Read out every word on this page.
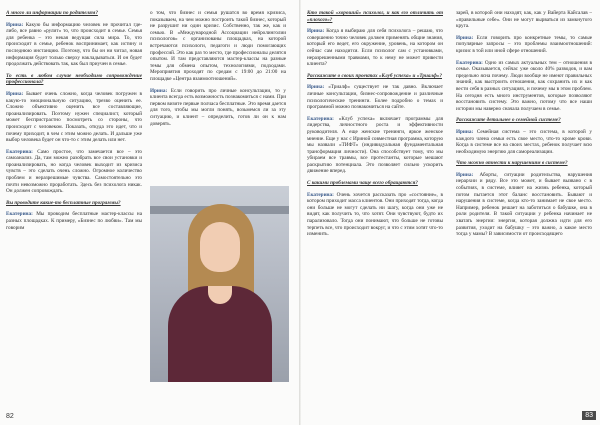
А много ли информации по родителям?

Ирина: Какую бы информацию человек не прочитал где-либо, все равно «рулит» то, что происходит в семье. Семья для ребенка – это некая ведущая сила мира. То, что происходит в семье, ребенок воспринимает, как истину и последнюю инстанцию. Поэтому, что бы он ни читал, новая информация будет только сверху накладываться. И он будет продолжать действовать так, как был приучен в семье.

То есть в любом случае необходимо сопровождение профессионала?

Ирина: Бывает очень сложно, когда человек погружен в какую-то эмоциональную ситуацию, трезво оценить ее. Сложно объективно оценить все составляющие, проанализировать. Поэтому нужен специалист, который может беспристрастно посмотреть со стороны, что происходит с человеком. Показать, откуда это идет, что и почему приходит, в чем с этим можно делать. И дальше уже выбор человека будет он что-то с этим делать или нет.

Екатерина: Само простое, что замечается все – это самоанализ. Да, там можно разобрать все свои установки и проанализировать, но когда человек выходит из кризиса чувств – это сделать очень сложно. Огромное количество проблем и неразрешимые чувства. Самостоятельно это почти невозможно проработать. Здесь без психолога никак. Он должен сопровождать.

Вы проводите какие-то бесплатные программы?

Екатерина: Мы проводим бесплатные мастер-классы на разных площадках. К примеру, «Бизнес по любви». Там мы говорим

о том, что бизнес и семья рушатся во время кризиса, показываем, на чем можно построить такой бизнес, который не разрушит ни один кризис. Собственно, так же, как и семью. В «Международной Ассоциации нейролинголии психологов» с организованы площадках, на которой встречаются психологи, педагоги и люди помогающих профессий. Это как раз то место, где профессионалы делятся опытом. И там представляются мастер-классы на разные темы для обмена опытом, технологиями, подходами. Мероприятия проходят по средам с 19:00 до 21:00 на площадке «Центра взаимоотношений».

Ирина: Если говорить про личные консультации, то у клиента всегда есть возможность познакомиться с нами. При первом визите первые полчаса бесплатные. Это время дается для того, чтобы мы могли понять, возьмемся ли за эту ситуацию, и клиент – определить, готов ли он к нам доверять.

82

Кто такой «хороший» психолог, и как его отличить от «плохого»?

Ирина: Когда я выбираю для себя психолога – решаю, что совершенно точно человек должен применять общие знания, который его ведет, его окружение, уровень, на котором он сейчас сам находится. Если психолог сам с установками, неразрешенными травмами, то к нему не может привести клиента?

Расскажите о своих проектах «Клуб успеха» и «Триалф»?

Ирина: «Триалф» существует не так давно. Включает личные консультации, бизнес-сопровождение и различные психологические тренинги. Более подробно о темах и программой можно познакомиться на сайте.

Екатерина: «Клуб успеха» включает программы для лидерства, личностного роста и эффективности руководителя. А еще женские тренинги, яркое женское мнение. Еще у нас с Ириной совместная программа, которую мы назвали «ТИФТ» (индивидуальная фундаментальная трансформация личности). Она способствует тому, что мы убираем все травмы, все протестанты, которые мешают раскрытию потенциала. Это позволяет сильно ускорить движение вперед.

С какими проблемами чаще всего обращаются?

Екатерина: Очень хочется рассказать про «состояние», в котором приходит масса клиентов. Они приходят тогда, когда они больше не могут сделать ни шагу, когда они уже не видят, как получить то, что хотят. Они чувствуют, будто их парализовало. Тогда они понимают, что больше не готовы терпеть все, что происходит вокруг, и что с этим хотят что-то изменить.

зарей, в которой они находят, как, как у Вайерта Кайсалав – «правильные себе». Они не могут вырваться из замкнутого круга.

Ирина: Если говорить про конкретные темы, то самые популярные запросы – это проблемы взаимоотношений: кризис в той или иной сфере отношений.

Екатерина: Одно из самых актуальных тем – отношения в семье. Оказывается, сейчас уже около 40% разводов, и вам предельно ясна почему. Люди вообще не имеют правильных знаний, как выстроить отношения, как сохранить их и как вести себя в разных ситуациях, и почему мы в этом проблем. На сегодня есть много инструментов, которые позволяют восстановить систему. Это важно, потому что все наши истории мы наверно сначала получаем в семье.

Расскажите детальнее о семейной системе?

Ирина: Семейная система – это система, в которой у каждого члена семьи есть свое место, что-то кроме крови. Когда в системе все на своих местах, ребенок получает всю необходимую энергию для самореализации.

Что можно отнести к нарушениям в системе?

Ирина: Аборты, ситуации родительства, нарушения иерархии и ряду. Все это может, и бывает вызвано с в событиях, в системе, влияет на жизнь ребенка, который потом пытается этот баланс восстановить. Бывают и нарушения в системе, когда кто-то занимает не свое место. Например, ребенок решает на заботиться о бабушке, она в роли родителя. В такой ситуации у ребенка начинает не хватать энергии: энергия, которая должна идти для его развития, уходит на бабушку – это важно, а какое место тогда у мамы? В зависимости от происходящего

83
